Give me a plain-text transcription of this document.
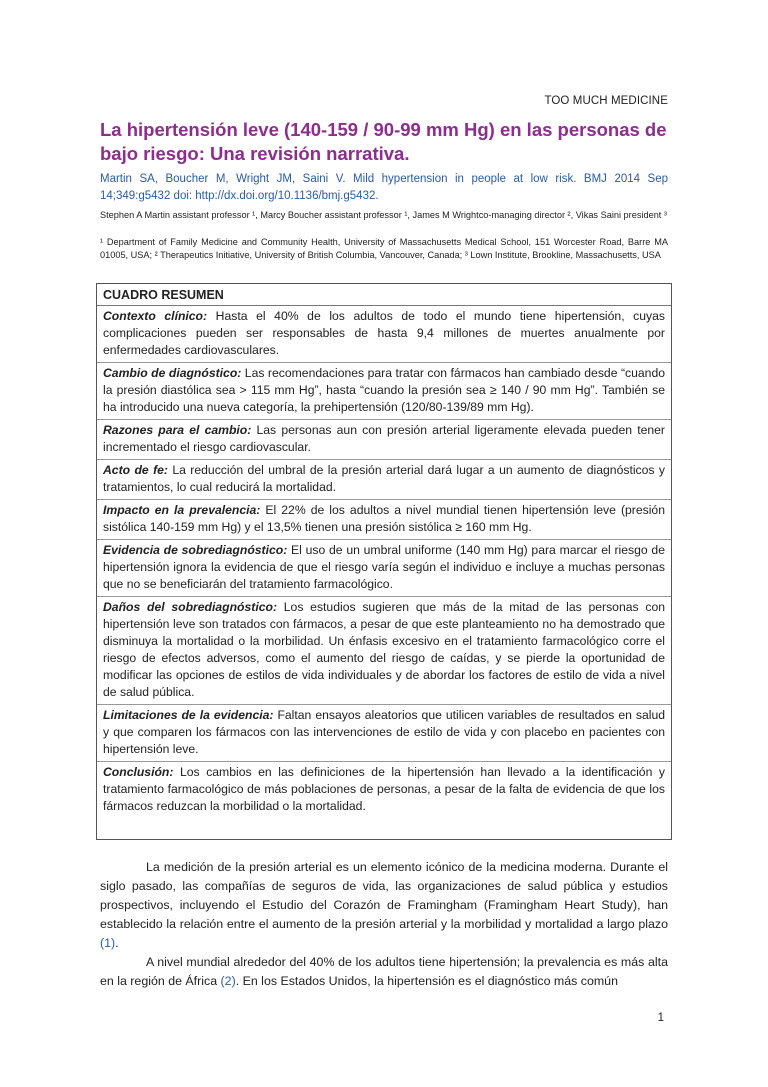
TOO MUCH MEDICINE
La hipertensión leve (140-159 / 90-99 mm Hg) en las personas de bajo riesgo: Una revisión narrativa.
Martin SA, Boucher M, Wright JM, Saini V. Mild hypertension in people at low risk. BMJ 2014 Sep 14;349:g5432 doi: http://dx.doi.org/10.1136/bmj.g5432.
Stephen A Martin assistant professor ¹, Marcy Boucher assistant professor ¹, James M Wrightco-managing director ², Vikas Saini president ³
¹ Department of Family Medicine and Community Health, University of Massachusetts Medical School, 151 Worcester Road, Barre MA 01005, USA; ² Therapeutics Initiative, University of British Columbia, Vancouver, Canada; ³ Lown Institute, Brookline, Massachusetts, USA
CUADRO RESUMEN
Contexto clínico: Hasta el 40% de los adultos de todo el mundo tiene hipertensión, cuyas complicaciones pueden ser responsables de hasta 9,4 millones de muertes anualmente por enfermedades cardiovasculares.
Cambio de diagnóstico: Las recomendaciones para tratar con fármacos han cambiado desde “cuando la presión diastólica sea > 115 mm Hg”, hasta “cuando la presión sea ≥ 140 / 90 mm Hg”. También se ha introducido una nueva categoría, la prehipertensión (120/80-139/89 mm Hg).
Razones para el cambio: Las personas aun con presión arterial ligeramente elevada pueden tener incrementado el riesgo cardiovascular.
Acto de fe: La reducción del umbral de la presión arterial dará lugar a un aumento de diagnósticos y tratamientos, lo cual reducirá la mortalidad.
Impacto en la prevalencia: El 22% de los adultos a nivel mundial tienen hipertensión leve (presión sistólica 140-159 mm Hg) y el 13,5% tienen una presión sistólica ≥ 160 mm Hg.
Evidencia de sobrediagnóstico: El uso de un umbral uniforme (140 mm Hg) para marcar el riesgo de hipertensión ignora la evidencia de que el riesgo varía según el individuo e incluye a muchas personas que no se beneficiarán del tratamiento farmacológico.
Daños del sobrediagnóstico: Los estudios sugieren que más de la mitad de las personas con hipertensión leve son tratados con fármacos, a pesar de que este planteamiento no ha demostrado que disminuya la mortalidad o la morbilidad. Un énfasis excesivo en el tratamiento farmacológico corre el riesgo de efectos adversos, como el aumento del riesgo de caídas, y se pierde la oportunidad de modificar las opciones de estilos de vida individuales y de abordar los factores de estilo de vida a nivel de salud pública.
Limitaciones de la evidencia: Faltan ensayos aleatorios que utilicen variables de resultados en salud y que comparen los fármacos con las intervenciones de estilo de vida y con placebo en pacientes con hipertensión leve.
Conclusión: Los cambios en las definiciones de la hipertensión han llevado a la identificación y tratamiento farmacológico de más poblaciones de personas, a pesar de la falta de evidencia de que los fármacos reduzcan la morbilidad o la mortalidad.

La medición de la presión arterial es un elemento icónico de la medicina moderna. Durante el siglo pasado, las compañías de seguros de vida, las organizaciones de salud pública y estudios prospectivos, incluyendo el Estudio del Corazón de Framingham (Framingham Heart Study), han establecido la relación entre el aumento de la presión arterial y la morbilidad y mortalidad a largo plazo (1).

A nivel mundial alrededor del 40% de los adultos tiene hipertensión; la prevalencia es más alta en la región de África (2). En los Estados Unidos, la hipertensión es el diagnóstico más común

1
